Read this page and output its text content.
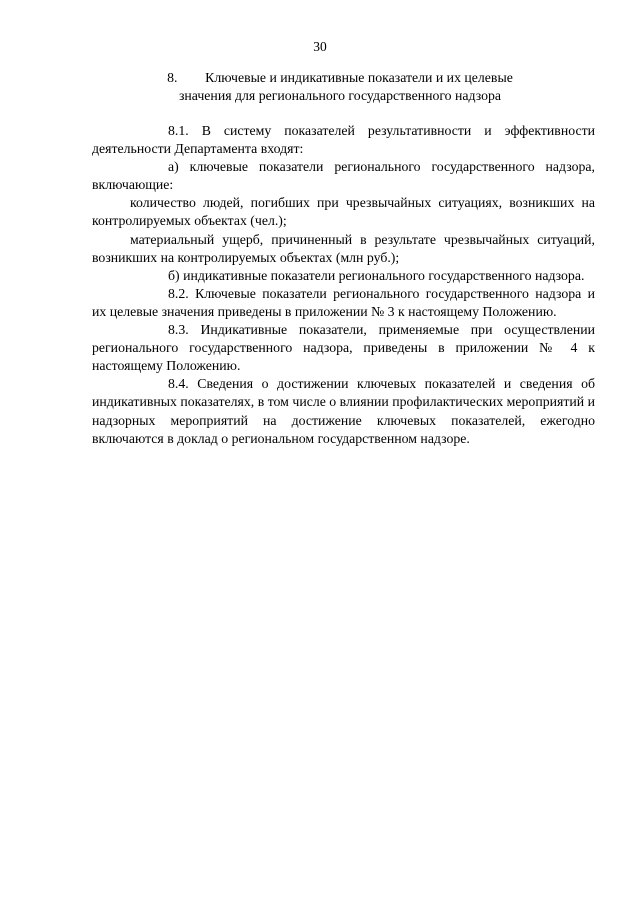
30
8. Ключевые и индикативные показатели и их целевые
значения для регионального государственного надзора

8.1. В систему показателей результативности и эффективности деятельности Департамента входят:

а) ключевые показатели регионального государственного надзора, включающие:

количество людей, погибших при чрезвычайных ситуациях, возникших на контролируемых объектах (чел.);

материальный ущерб, причиненный в результате чрезвычайных ситуаций, возникших на контролируемых объектах (млн руб.);

б) индикативные показатели регионального государственного надзора.

8.2. Ключевые показатели регионального государственного надзора и их целевые значения приведены в приложении № 3 к настоящему Положению.

8.3. Индикативные показатели, применяемые при осуществлении регионального государственного надзора, приведены в приложении № 4 к настоящему Положению.

8.4. Сведения о достижении ключевых показателей и сведения об индикативных показателях, в том числе о влиянии профилактических мероприятий и надзорных мероприятий на достижение ключевых показателей, ежегодно включаются в доклад о региональном государственном надзоре.
